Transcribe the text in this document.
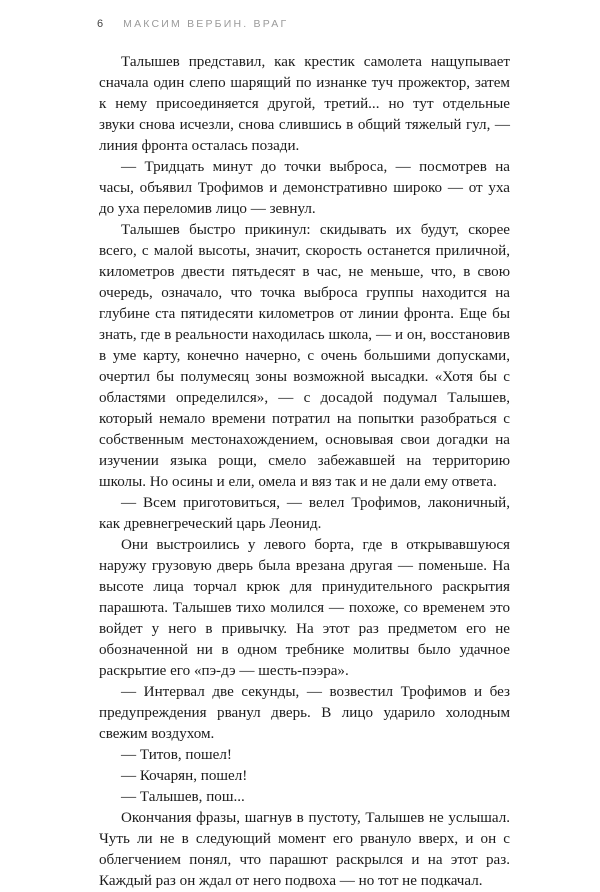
6 МАКСИМ ВЕРБИН. ВРАГ

Талышев представил, как крестик самолета нащупывает сначала один слепо шарящий по изнанке туч прожектор, затем к нему присоединяется другой, третий... но тут отдельные звуки снова исчезли, снова слившись в общий тяжелый гул, — линия фронта осталась позади.

— Тридцать минут до точки выброса, — посмотрев на часы, объявил Трофимов и демонстративно широко — от уха до уха переломив лицо — зевнул.

Талышев быстро прикинул: скидывать их будут, скорее всего, с малой высоты, значит, скорость останется приличной, километров двести пятьдесят в час, не меньше, что, в свою очередь, означало, что точка выброса группы находится на глубине ста пятидесяти километров от линии фронта. Еще бы знать, где в реальности находилась школа, — и он, восстановив в уме карту, конечно начерно, с очень большими допусками, очертил бы полумесяц зоны возможной высадки. «Хотя бы с областями определился», — с досадой подумал Талышев, который немало времени потратил на попытки разобраться с собственным местонахождением, основывая свои догадки на изучении языка рощи, смело забежавшей на территорию школы. Но осины и ели, омела и вяз так и не дали ему ответа.

— Всем приготовиться, — велел Трофимов, лаконичный, как древнегреческий царь Леонид.

Они выстроились у левого борта, где в открывавшуюся наружу грузовую дверь была врезана другая — поменьше. На высоте лица торчал крюк для принудительного раскрытия парашюта. Талышев тихо молился — похоже, со временем это войдет у него в привычку. На этот раз предметом его не обозначенной ни в одном требнике молитвы было удачное раскрытие его «пэ-дэ — шесть-пээра».

— Интервал две секунды, — возвестил Трофимов и без предупреждения рванул дверь. В лицо ударило холодным свежим воздухом.

— Титов, пошел!

— Кочарян, пошел!

— Талышев, пош...

Окончания фразы, шагнув в пустоту, Талышев не услышал. Чуть ли не в следующий момент его рвануло вверх, и он с облегчением понял, что парашют раскрылся и на этот раз. Каждый раз он ждал от него подвоха — но тот не подкачал.
